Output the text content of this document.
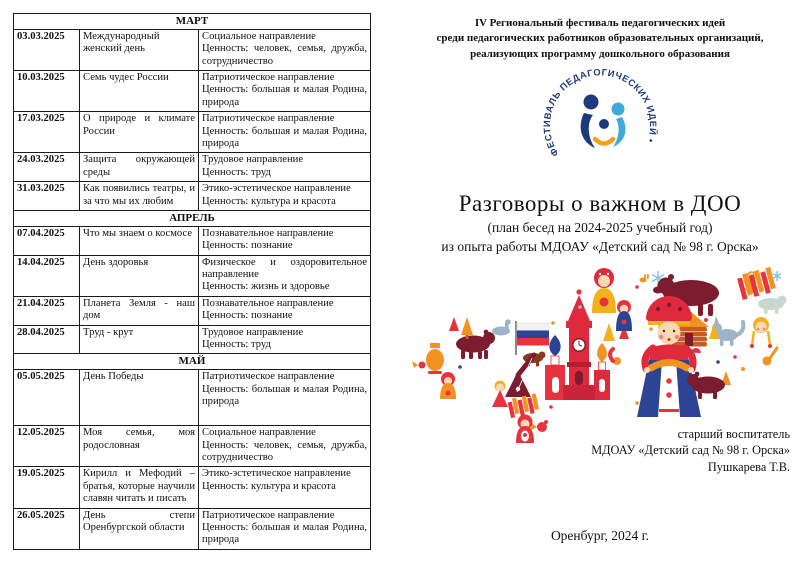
МАРТ		
03.03.2025	Международный женский день	Социальное направление
Ценность: человек, семья, дружба, сотрудничество

10.03.2025	Семь чудес России	Патриотическое направление
Ценность: большая и малая Родина, природа

17.03.2025	О природе и климате России	Патриотическое направление
Ценность: большая и малая Родина, природа

24.03.2025	Защита окружающей среды	Трудовое направление
Ценность: труд

31.03.2025	Как появились театры, и за что мы их любим	Этико-эстетическое направление
Ценность: культура и красота

АПРЕЛЬ		
07.04.2025	Что мы знаем о космосе	Познавательное направление
Ценность: познание

14.04.2025	День здоровья	Физическое и оздоровительное направление
Ценность: жизнь и здоровье

21.04.2025	Планета Земля - наш дом	Познавательное направление
Ценность: познание

28.04.2025	Труд - крут	Трудовое направление
Ценность: труд

МАЙ		
05.05.2025	День Победы	Патриотическое направление
Ценность: большая и малая Родина, природа

12.05.2025	Моя семья, моя родословная	Социальное направление
Ценность: человек, семья, дружба, сотрудничество

19.05.2025	Кирилл и Мефодий – братья, которые научили славян читать и писать	Этико-эстетическое направление
Ценность: культура и красота

26.05.2025	День степи Оренбургской области	Патриотическое направление
Ценность: большая и малая Родина, природа
IV Региональный фестиваль педагогических идей
среди педагогических работников образовательных организаций,
реализующих программу дошкольного образования
ФЕСТИВАЛЬ ПЕДАГОГИЧЕСКИХ ИДЕЙ •
Разговоры о важном в ДОО
(план бесед на 2024-2025 учебный год)
из опыта работы МДОАУ «Детский сад № 98 г. Орска»
старший воспитатель
МДОАУ «Детский сад № 98 г. Орска»
Пушкарева Т.В.
Оренбург, 2024 г.
